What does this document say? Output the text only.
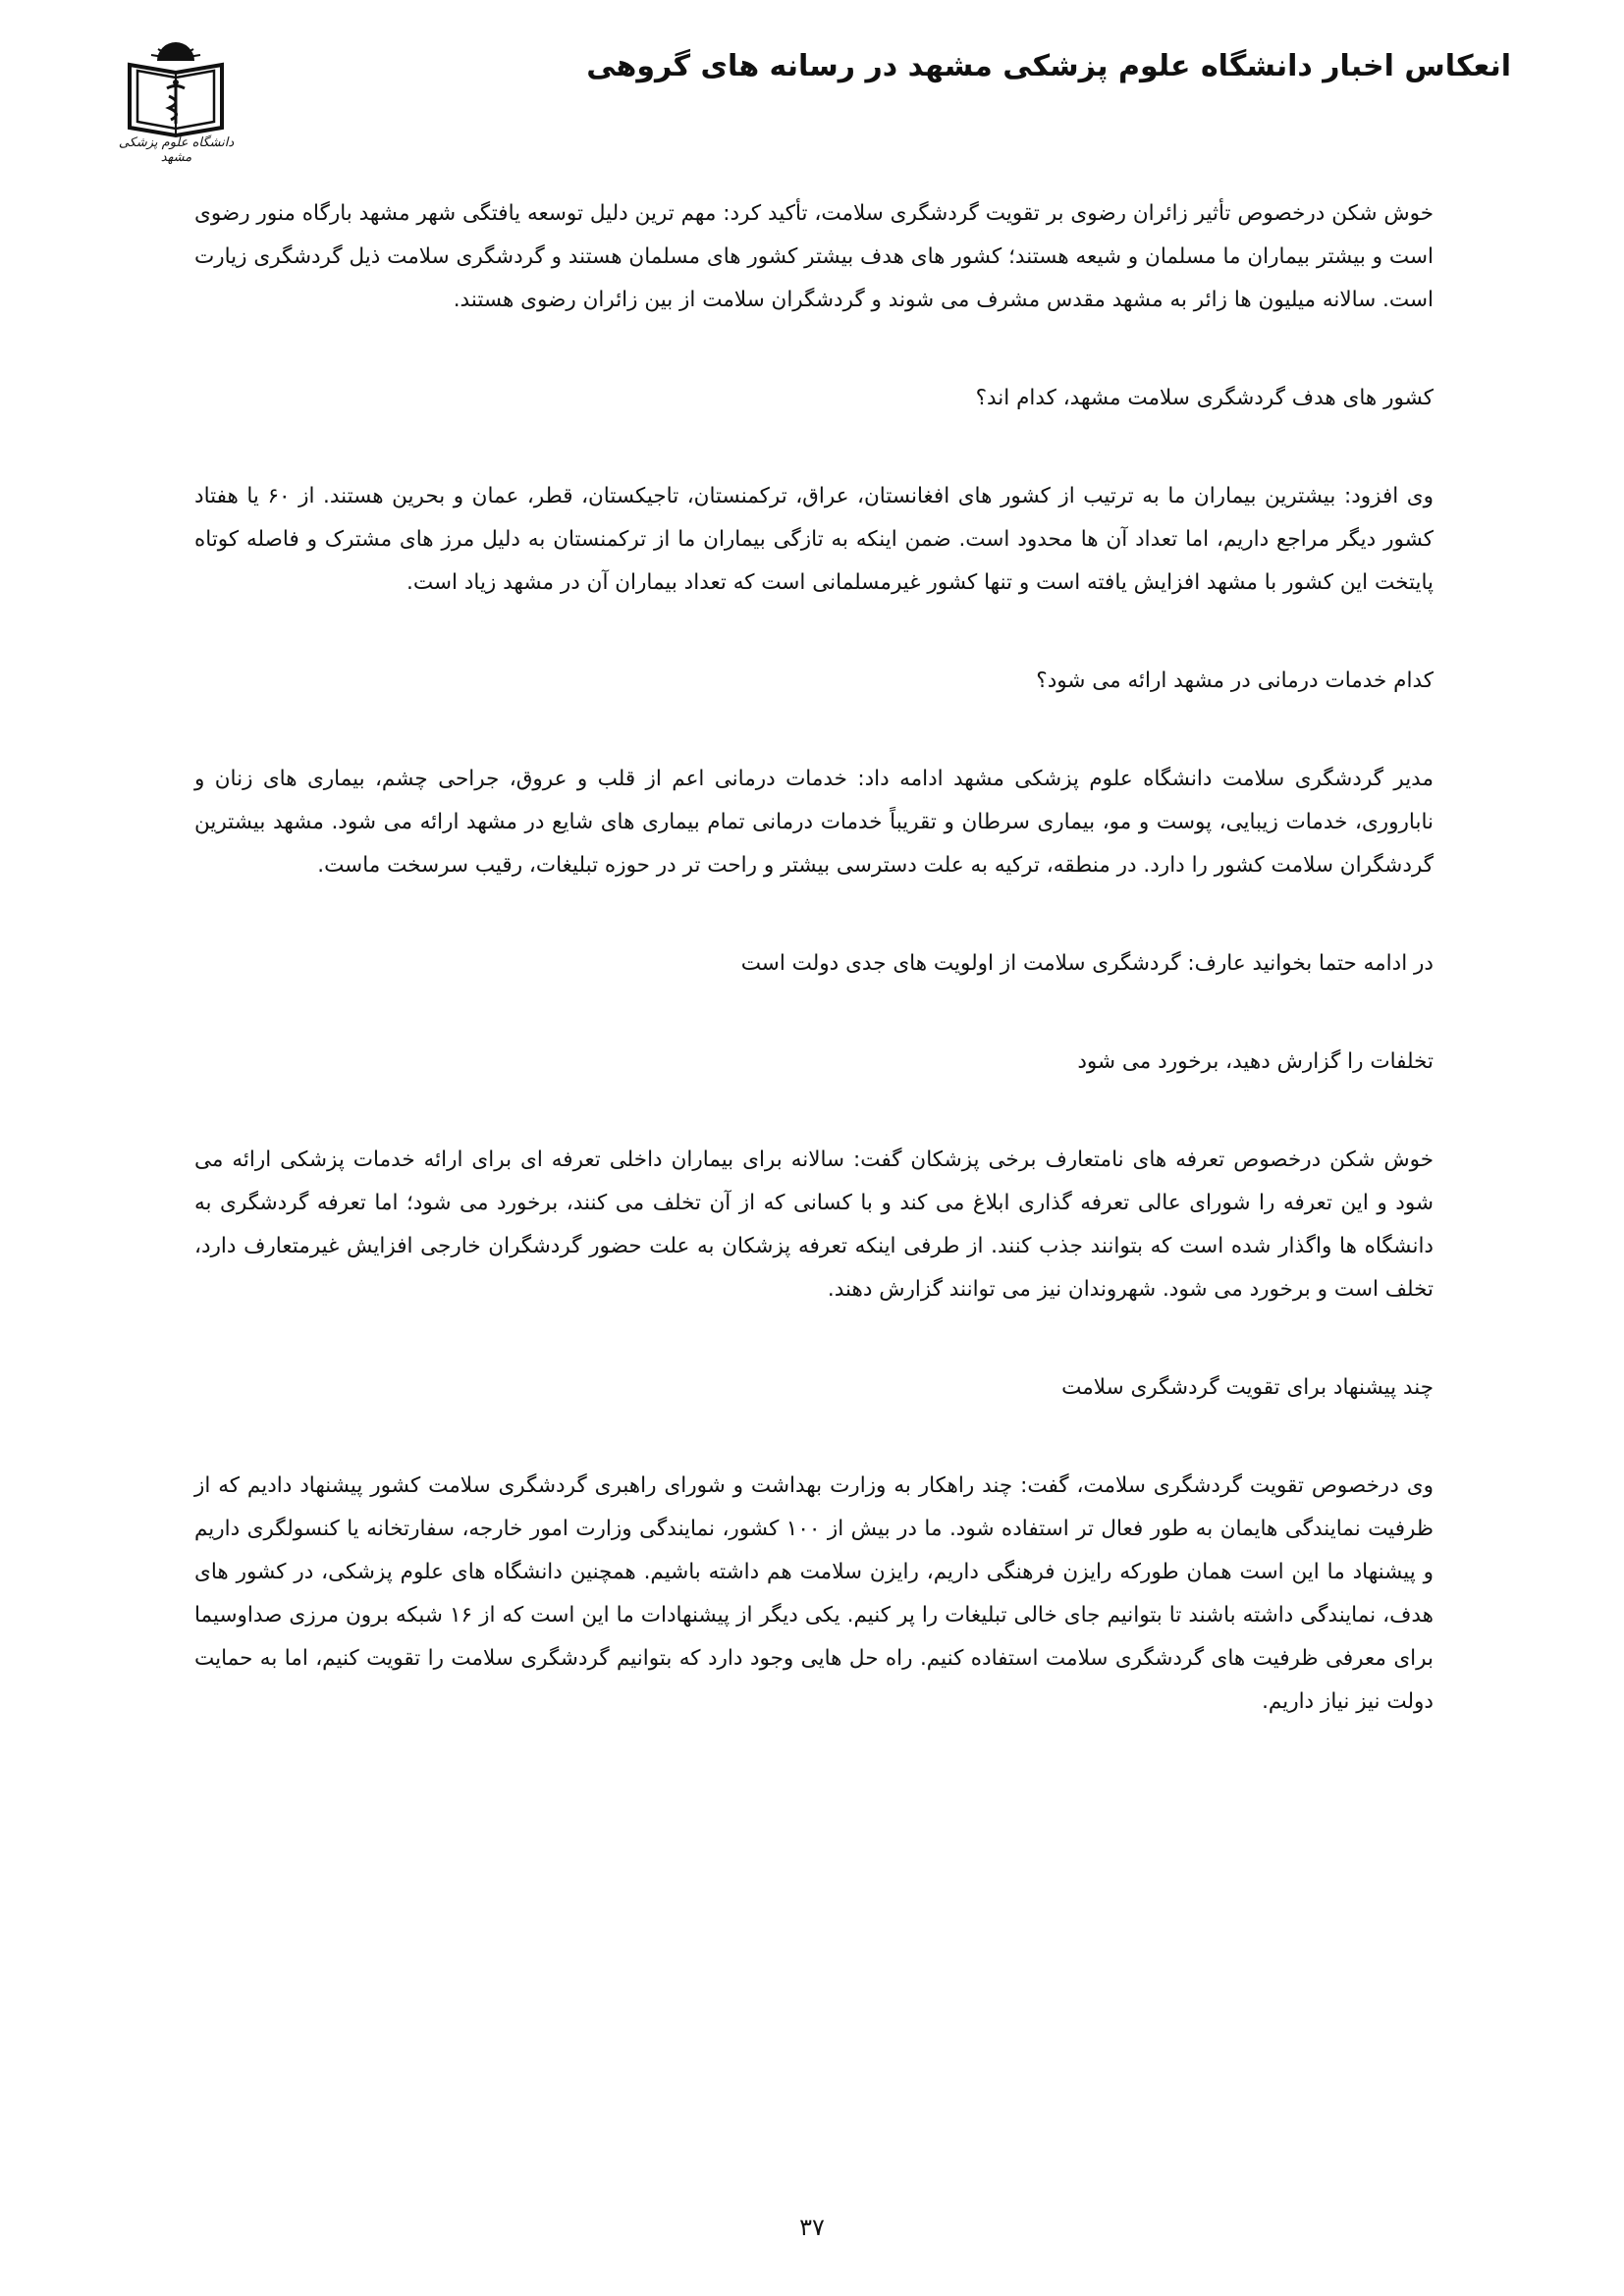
انعکاس اخبار دانشگاه علوم پزشکی مشهد در رسانه های گروهی
دانشگاه علوم پزشکی مشهد

خوش شکن درخصوص تأثیر زائران رضوی بر تقویت گردشگری سلامت، تأکید کرد: مهم ترین دلیل توسعه یافتگی شهر مشهد بارگاه منور رضوی است و بیشتر بیماران ما مسلمان و شیعه هستند؛ کشور های هدف بیشتر کشور های مسلمان هستند و گردشگری سلامت ذیل گردشگری زیارت است. سالانه میلیون ها زائر به مشهد مقدس مشرف می شوند و گردشگران سلامت از بین زائران رضوی هستند.

کشور های هدف گردشگری سلامت مشهد، کدام اند؟

وی افزود: بیشترین بیماران ما به ترتیب از کشور های افغانستان، عراق، ترکمنستان، تاجیکستان، قطر، عمان و بحرین هستند. از ۶۰ یا هفتاد کشور دیگر مراجع داریم، اما تعداد آن ها محدود است. ضمن اینکه به تازگی بیماران ما از ترکمنستان به دلیل مرز های مشترک و فاصله کوتاه پایتخت این کشور با مشهد افزایش یافته است و تنها کشور غیرمسلمانی است که تعداد بیماران آن در مشهد زیاد است.

کدام خدمات درمانی در مشهد ارائه می شود؟

مدیر گردشگری سلامت دانشگاه علوم پزشکی مشهد ادامه داد: خدمات درمانی اعم از قلب و عروق، جراحی چشم، بیماری های زنان و ناباروری، خدمات زیبایی، پوست و مو، بیماری سرطان و تقریباً خدمات درمانی تمام بیماری های شایع در مشهد ارائه می شود. مشهد بیشترین گردشگران سلامت کشور را دارد. در منطقه، ترکیه به علت دسترسی بیشتر و راحت تر در حوزه تبلیغات، رقیب سرسخت ماست.

در ادامه حتما بخوانید عارف: گردشگری سلامت از اولویت های جدی دولت است

تخلفات را گزارش دهید، برخورد می شود

خوش شکن درخصوص تعرفه های نامتعارف برخی پزشکان گفت: سالانه برای بیماران داخلی تعرفه ای برای ارائه خدمات پزشکی ارائه می شود و این تعرفه را شورای عالی تعرفه گذاری ابلاغ می کند و با کسانی که از آن تخلف می کنند، برخورد می شود؛ اما تعرفه گردشگری به دانشگاه ها واگذار شده است که بتوانند جذب کنند. از طرفی اینکه تعرفه پزشکان به علت حضور گردشگران خارجی افزایش غیرمتعارف دارد، تخلف است و برخورد می شود. شهروندان نیز می توانند گزارش دهند.

چند پیشنهاد برای تقویت گردشگری سلامت

وی درخصوص تقویت گردشگری سلامت، گفت: چند راهکار به وزارت بهداشت و شورای راهبری گردشگری سلامت کشور پیشنهاد دادیم که از ظرفیت نمایندگی هایمان به طور فعال تر استفاده شود. ما در بیش از ۱۰۰ کشور، نمایندگی وزارت امور خارجه، سفارتخانه یا کنسولگری داریم و پیشنهاد ما این است همان طورکه رایزن فرهنگی داریم، رایزن سلامت هم داشته باشیم. همچنین دانشگاه های علوم پزشکی، در کشور های هدف، نمایندگی داشته باشند تا بتوانیم جای خالی تبلیغات را پر کنیم. یکی دیگر از پیشنهادات ما این است که از ۱۶ شبکه برون مرزی صداوسیما برای معرفی ظرفیت های گردشگری سلامت استفاده کنیم. راه حل هایی وجود دارد که بتوانیم گردشگری سلامت را تقویت کنیم، اما به حمایت دولت نیز نیاز داریم.

۳۷
